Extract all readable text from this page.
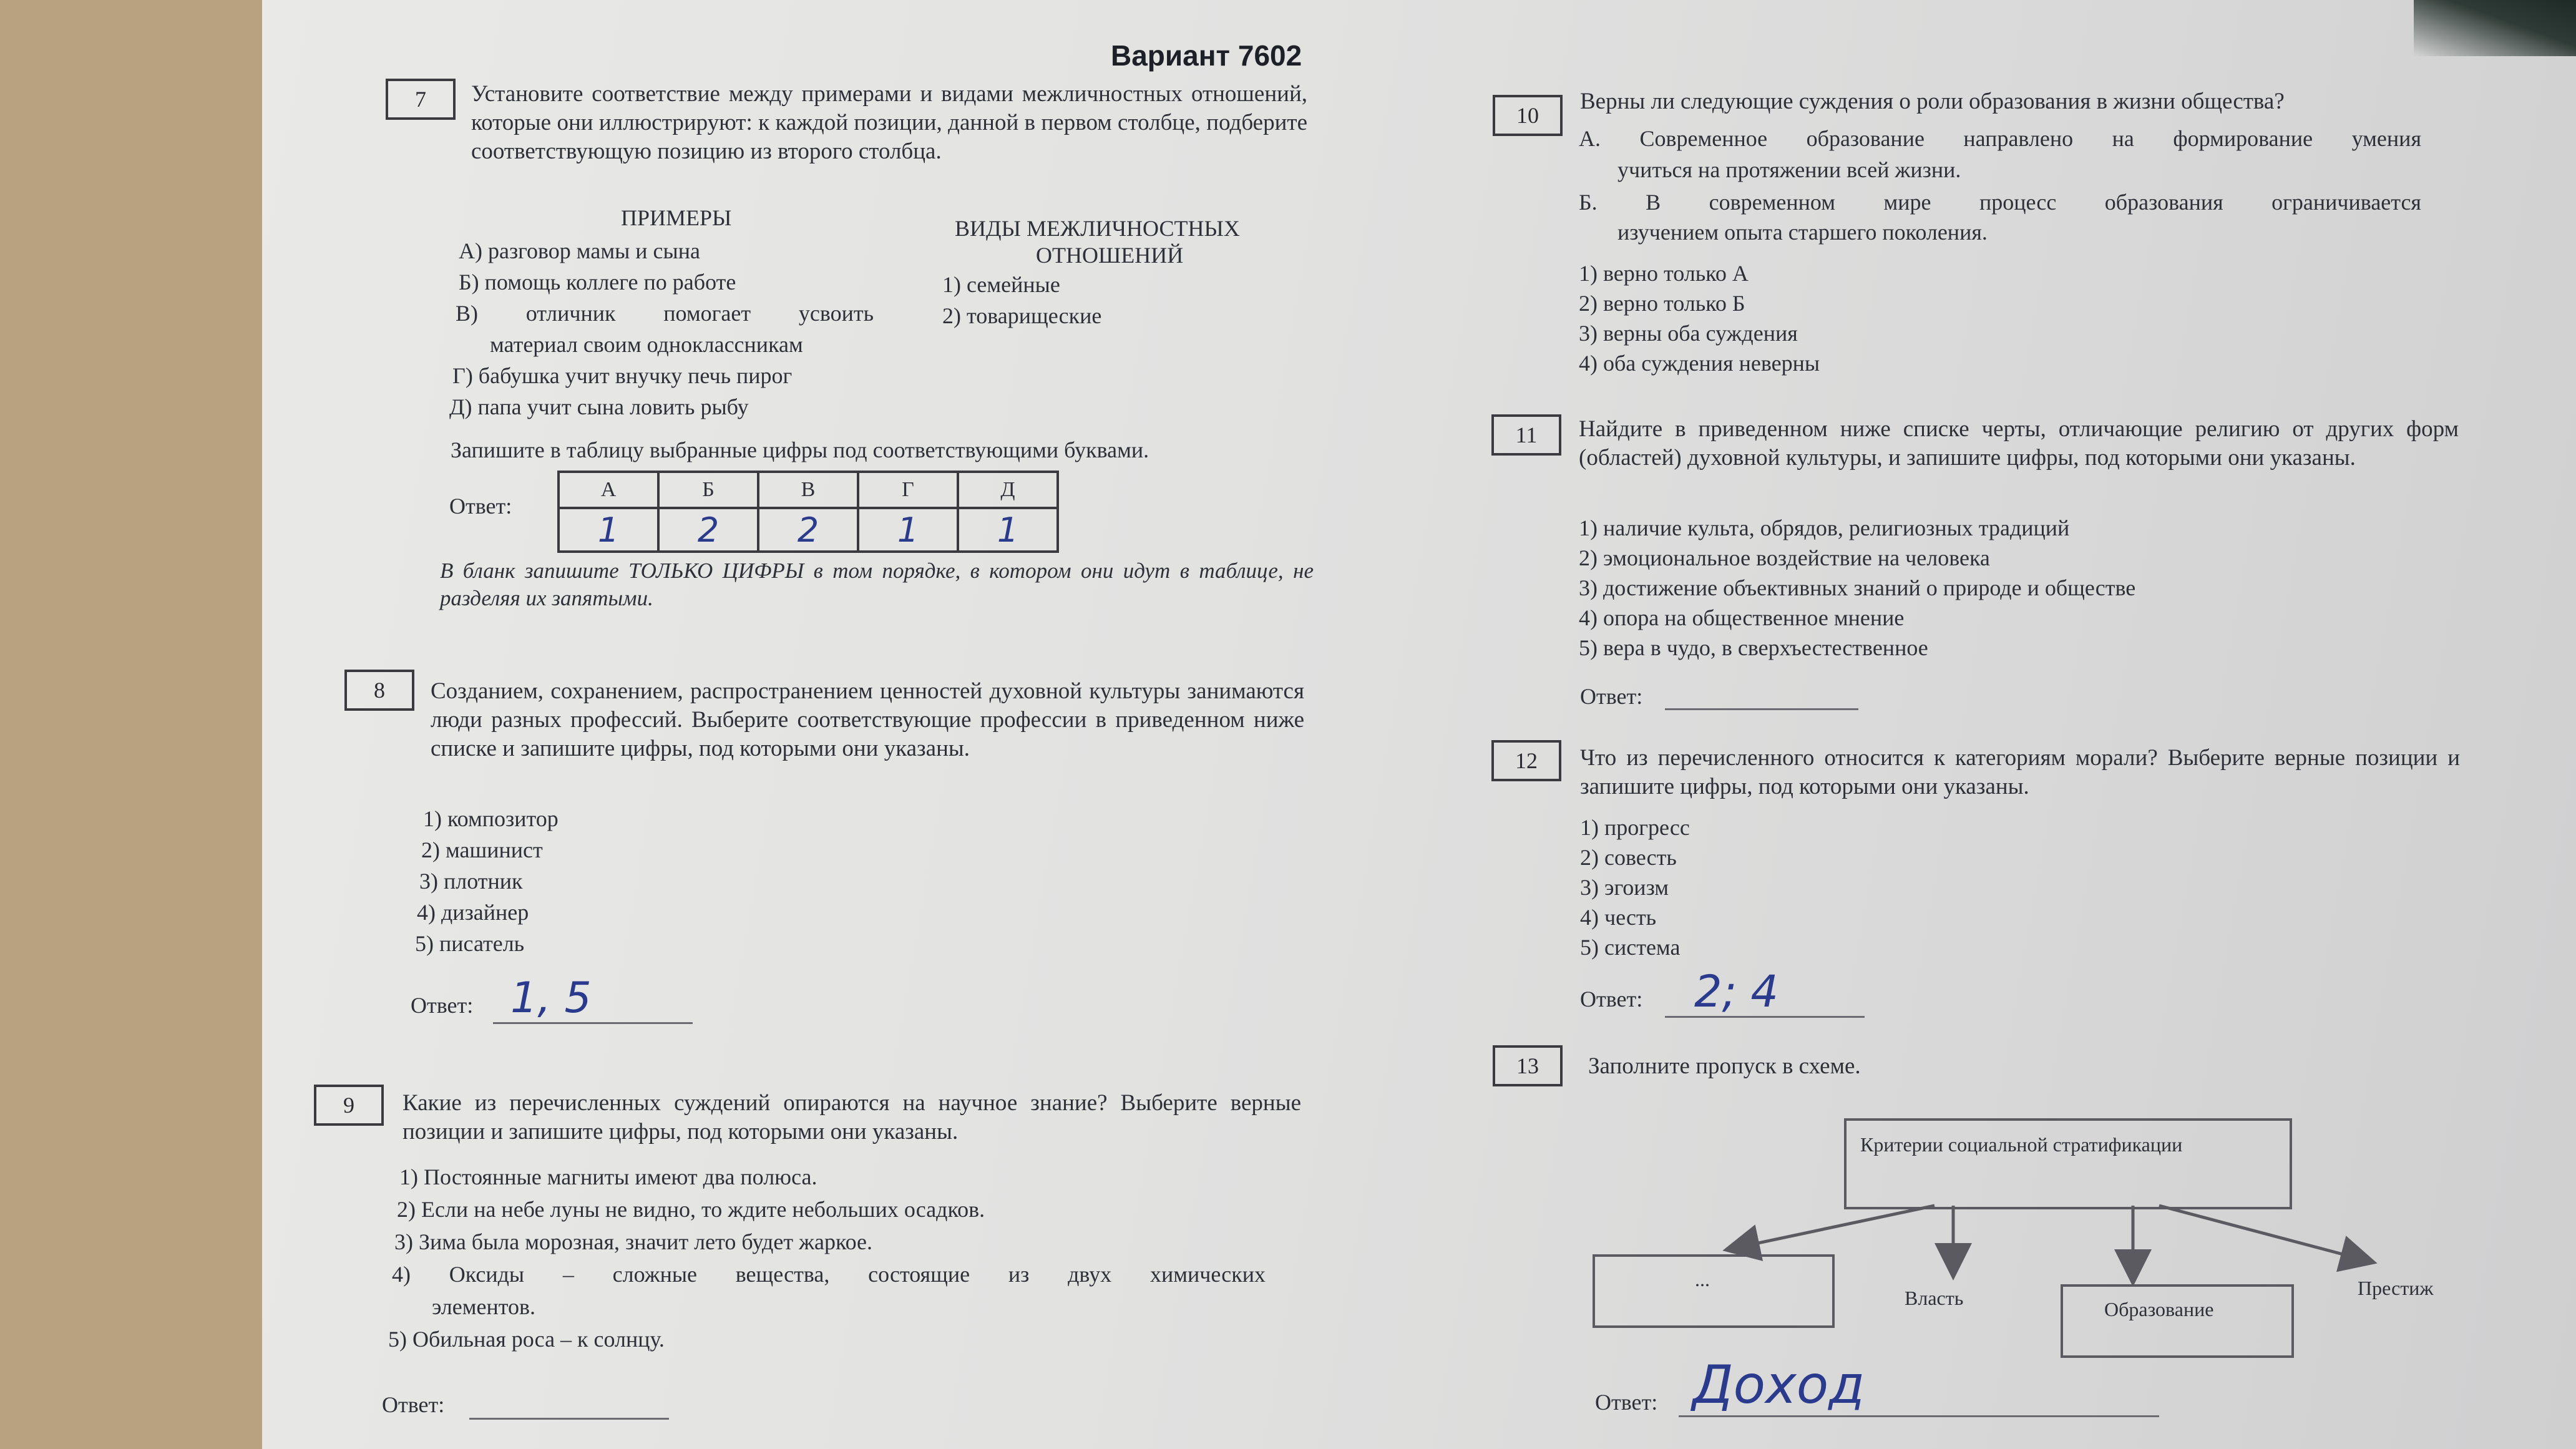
Вариант 7602
7	Установите соответствие между примерами и видами межличностных отношений, которые они иллюстрируют: к каждой позиции, данной в первом столбце, подберите соответствующую позицию из второго столбца.
ПРИМЕРЫ	ВИДЫ МЕЖЛИЧНОСТНЫХ
ОТНОШЕНИЙ
А) разговор мамы и сына
Б) помощь коллеге по работе
В) отличник помогает усвоить
материал своим одноклассникам
Г) бабушка учит внучку печь пирог
Д) папа учит сына ловить рыбу
1) семейные
2) товарищеские
Запишите в таблицу выбранные цифры под соответствующими буквами.
Ответ:
А	Б	В	Г	Д
1	2	2	1	1
В бланк запишите ТОЛЬКО ЦИФРЫ в том порядке, в котором они идут в таблице, не разделяя их запятыми.
8	Созданием, сохранением, распространением ценностей духовной культуры занимаются люди разных профессий. Выберите соответствующие профессии в приведенном ниже списке и запишите цифры, под которыми они указаны.
1) композитор
2) машинист
3) плотник
4) дизайнер
5) писатель
Ответ: 1, 5
9	Какие из перечисленных суждений опираются на научное знание? Выберите верные позиции и запишите цифры, под которыми они указаны.
1) Постоянные магниты имеют два полюса.
2) Если на небе луны не видно, то ждите небольших осадков.
3) Зима была морозная, значит лето будет жаркое.
4) Оксиды – сложные вещества, состоящие из двух химических
элементов.
5) Обильная роса – к солнцу.
Ответ:
10
Верны ли следующие суждения о роли образования в жизни общества?
А. Современное образование направлено на формирование умения
учиться на протяжении всей жизни.
Б. В современном мире процесс образования ограничивается
изучением опыта старшего поколения.
1) верно только А
2) верно только Б
3) верны оба суждения
4) оба суждения неверны
11	Найдите в приведенном ниже списке черты, отличающие религию от других форм (областей) духовной культуры, и запишите цифры, под которыми они указаны.
1) наличие культа, обрядов, религиозных традиций
2) эмоциональное воздействие на человека
3) достижение объективных знаний о природе и обществе
4) опора на общественное мнение
5) вера в чудо, в сверхъестественное
Ответ:
12	Что из перечисленного относится к категориям морали? Выберите верные позиции и запишите цифры, под которыми они указаны.
1) прогресс
2) совесть
3) эгоизм
4) честь
5) система
Ответ: 2; 4
13	Заполните пропуск в схеме.
Критерии социальной стратификации
...
Власть	Образование
Престиж
Ответ: Доход
